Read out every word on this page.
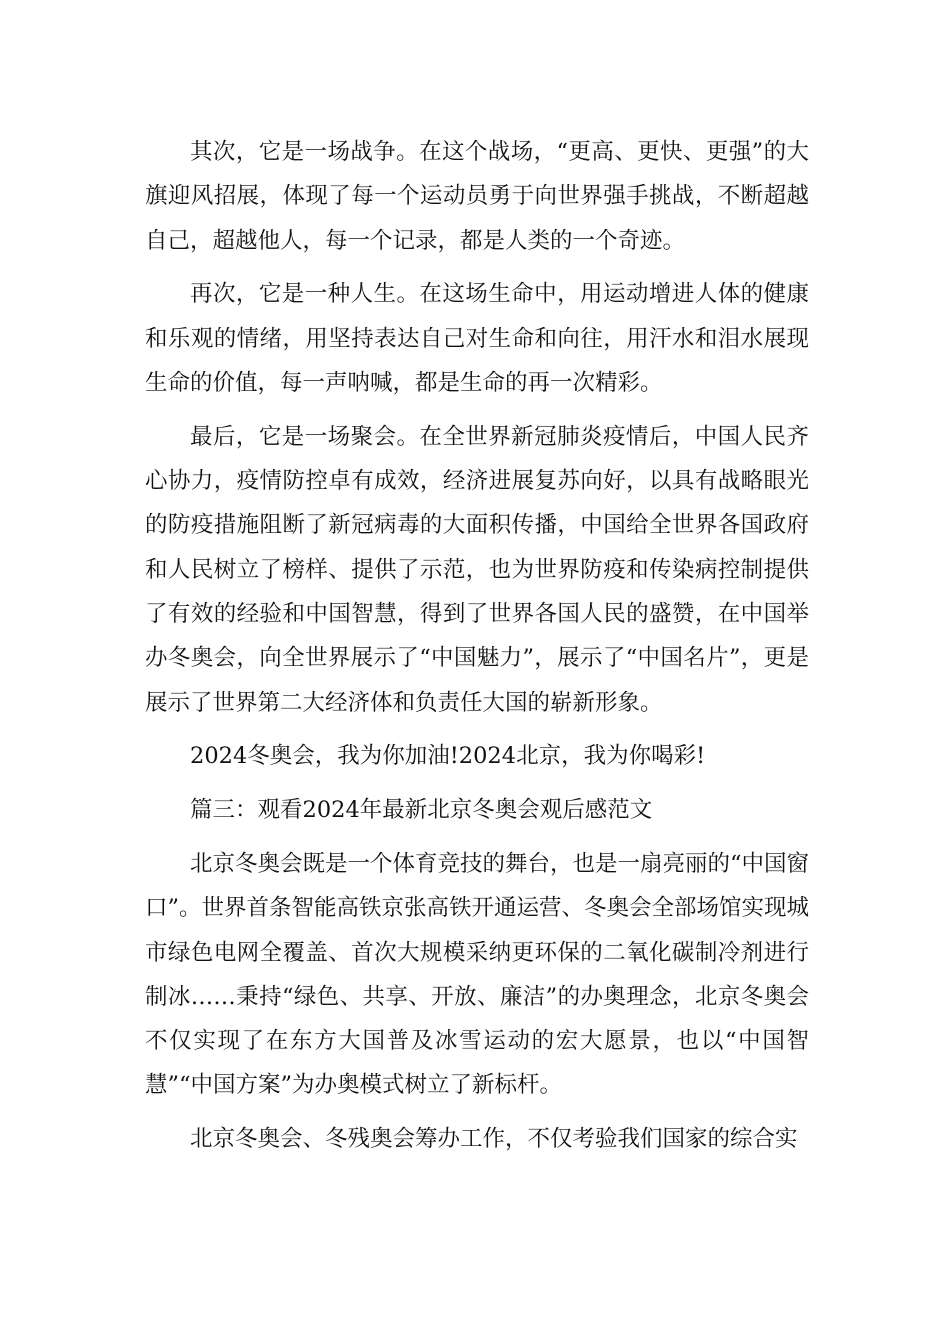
其次，它是一场战争。在这个战场，“更高、更快、更强”的大旗迎风招展，体现了每一个运动员勇于向世界强手挑战，不断超越自己，超越他人，每一个记录，都是人类的一个奇迹。

再次，它是一种人生。在这场生命中，用运动增进人体的健康和乐观的情绪，用坚持表达自己对生命和向往，用汗水和泪水展现生命的价值，每一声呐喊，都是生命的再一次精彩。

最后，它是一场聚会。在全世界新冠肺炎疫情后，中国人民齐心协力，疫情防控卓有成效，经济进展复苏向好，以具有战略眼光的防疫措施阻断了新冠病毒的大面积传播，中国给全世界各国政府和人民树立了榜样、提供了示范，也为世界防疫和传染病控制提供了有效的经验和中国智慧，得到了世界各国人民的盛赞，在中国举办冬奥会，向全世界展示了“中国魅力”，展示了“中国名片”，更是展示了世界第二大经济体和负责任大国的崭新形象。

2024冬奥会，我为你加油!2024北京，我为你喝彩!

篇三：观看2024年最新北京冬奥会观后感范文

北京冬奥会既是一个体育竞技的舞台，也是一扇亮丽的“中国窗口”。世界首条智能高铁京张高铁开通运营、冬奥会全部场馆实现城市绿色电网全覆盖、首次大规模采纳更环保的二氧化碳制冷剂进行制冰……秉持“绿色、共享、开放、廉洁”的办奥理念，北京冬奥会不仅实现了在东方大国普及冰雪运动的宏大愿景，也以“中国智慧”“中国方案”为办奥模式树立了新标杆。

北京冬奥会、冬残奥会筹办工作，不仅考验我们国家的综合实
